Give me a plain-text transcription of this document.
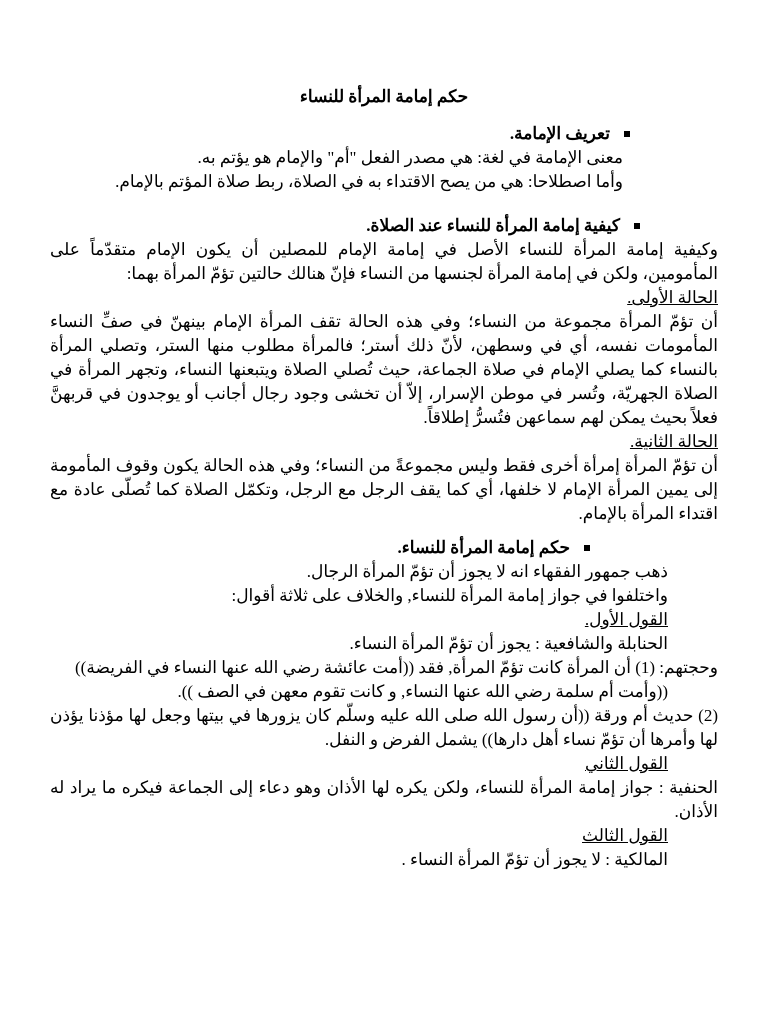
حكم إمامة المرأة للنساء
تعريف الإمامة.

معنى الإمامة في لغة: هي مصدر الفعل "أم" والإمام هو يؤتم به.

وأما اصطلاحا: هي من يصح الاقتداء به في الصلاة، ربط صلاة المؤتم بالإمام.

كيفية إمامة المرأة للنساء عند الصلاة.

وكيفية إمامة المرأة للنساء الأصل في إمامة الإمام للمصلين أن يكون الإمام متقدّماً على المأمومين، ولكن في إمامة المرأة لجنسها من النساء فإنّ هنالك حالتين تؤمّ المرأة بهما:

الحالة الأولى.

أن تؤمّ المرأة مجموعة من النساء؛ وفي هذه الحالة تقف المرأة الإمام بينهنّ في صفِّ النساء المأمومات نفسه، أي في وسطهن، لأنّ ذلك أستر؛ فالمرأة مطلوب منها الستر، وتصلي المرأة بالنساء كما يصلي الإمام في صلاة الجماعة، حيث تُصلي الصلاة ويتبعنها النساء، وتجهر المرأة في الصلاة الجهريّة، وتُسر في موطن الإسرار، إلاّ أن تخشى وجود رجال أجانب أو يوجدون في قربهنَّ فعلاً بحيث يمكن لهم سماعهن فتُسرُّ إطلاقاً.

الحالة الثانية.

أن تؤمّ المرأة إمرأة أخرى فقط وليس مجموعةً من النساء؛ وفي هذه الحالة يكون وقوف المأمومة إلى يمين المرأة الإمام لا خلفها، أي كما يقف الرجل مع الرجل، وتكمّل الصلاة كما تُصلّى عادة مع اقتداء المرأة بالإمام.

حكم إمامة المرأة للنساء.

ذهب جمهور الفقهاء انه لا يجوز أن تؤمّ المرأة الرجال.

واختلفوا في جواز إمامة المرأة للنساء, والخلاف على ثلاثة أقوال:

القول الأول.

الحنابلة والشافعية : يجوز أن تؤمّ المرأة النساء.

وحجتهم: (1) أن المرأة كانت تؤمّ المرأة, فقد ((أمت عائشة رضي الله عنها النساء في الفريضة))

((وأمت أم سلمة رضي الله عنها النساء, و كانت تقوم معهن في الصف )).

(2) حديث أم ورقة ((أن رسول الله صلى الله عليه وسلّم كان يزورها في بيتها وجعل لها مؤذنا يؤذن لها وأمرها أن تؤمّ نساء أهل دارها)) يشمل الفرض و النفل.

القول الثاني

الحنفية : جواز إمامة المرأة للنساء، ولكن يكره لها الأذان وهو دعاء إلى الجماعة فيكره ما يراد له الأذان.

القول الثالث

المالكية : لا يجوز أن تؤمّ المرأة النساء .
